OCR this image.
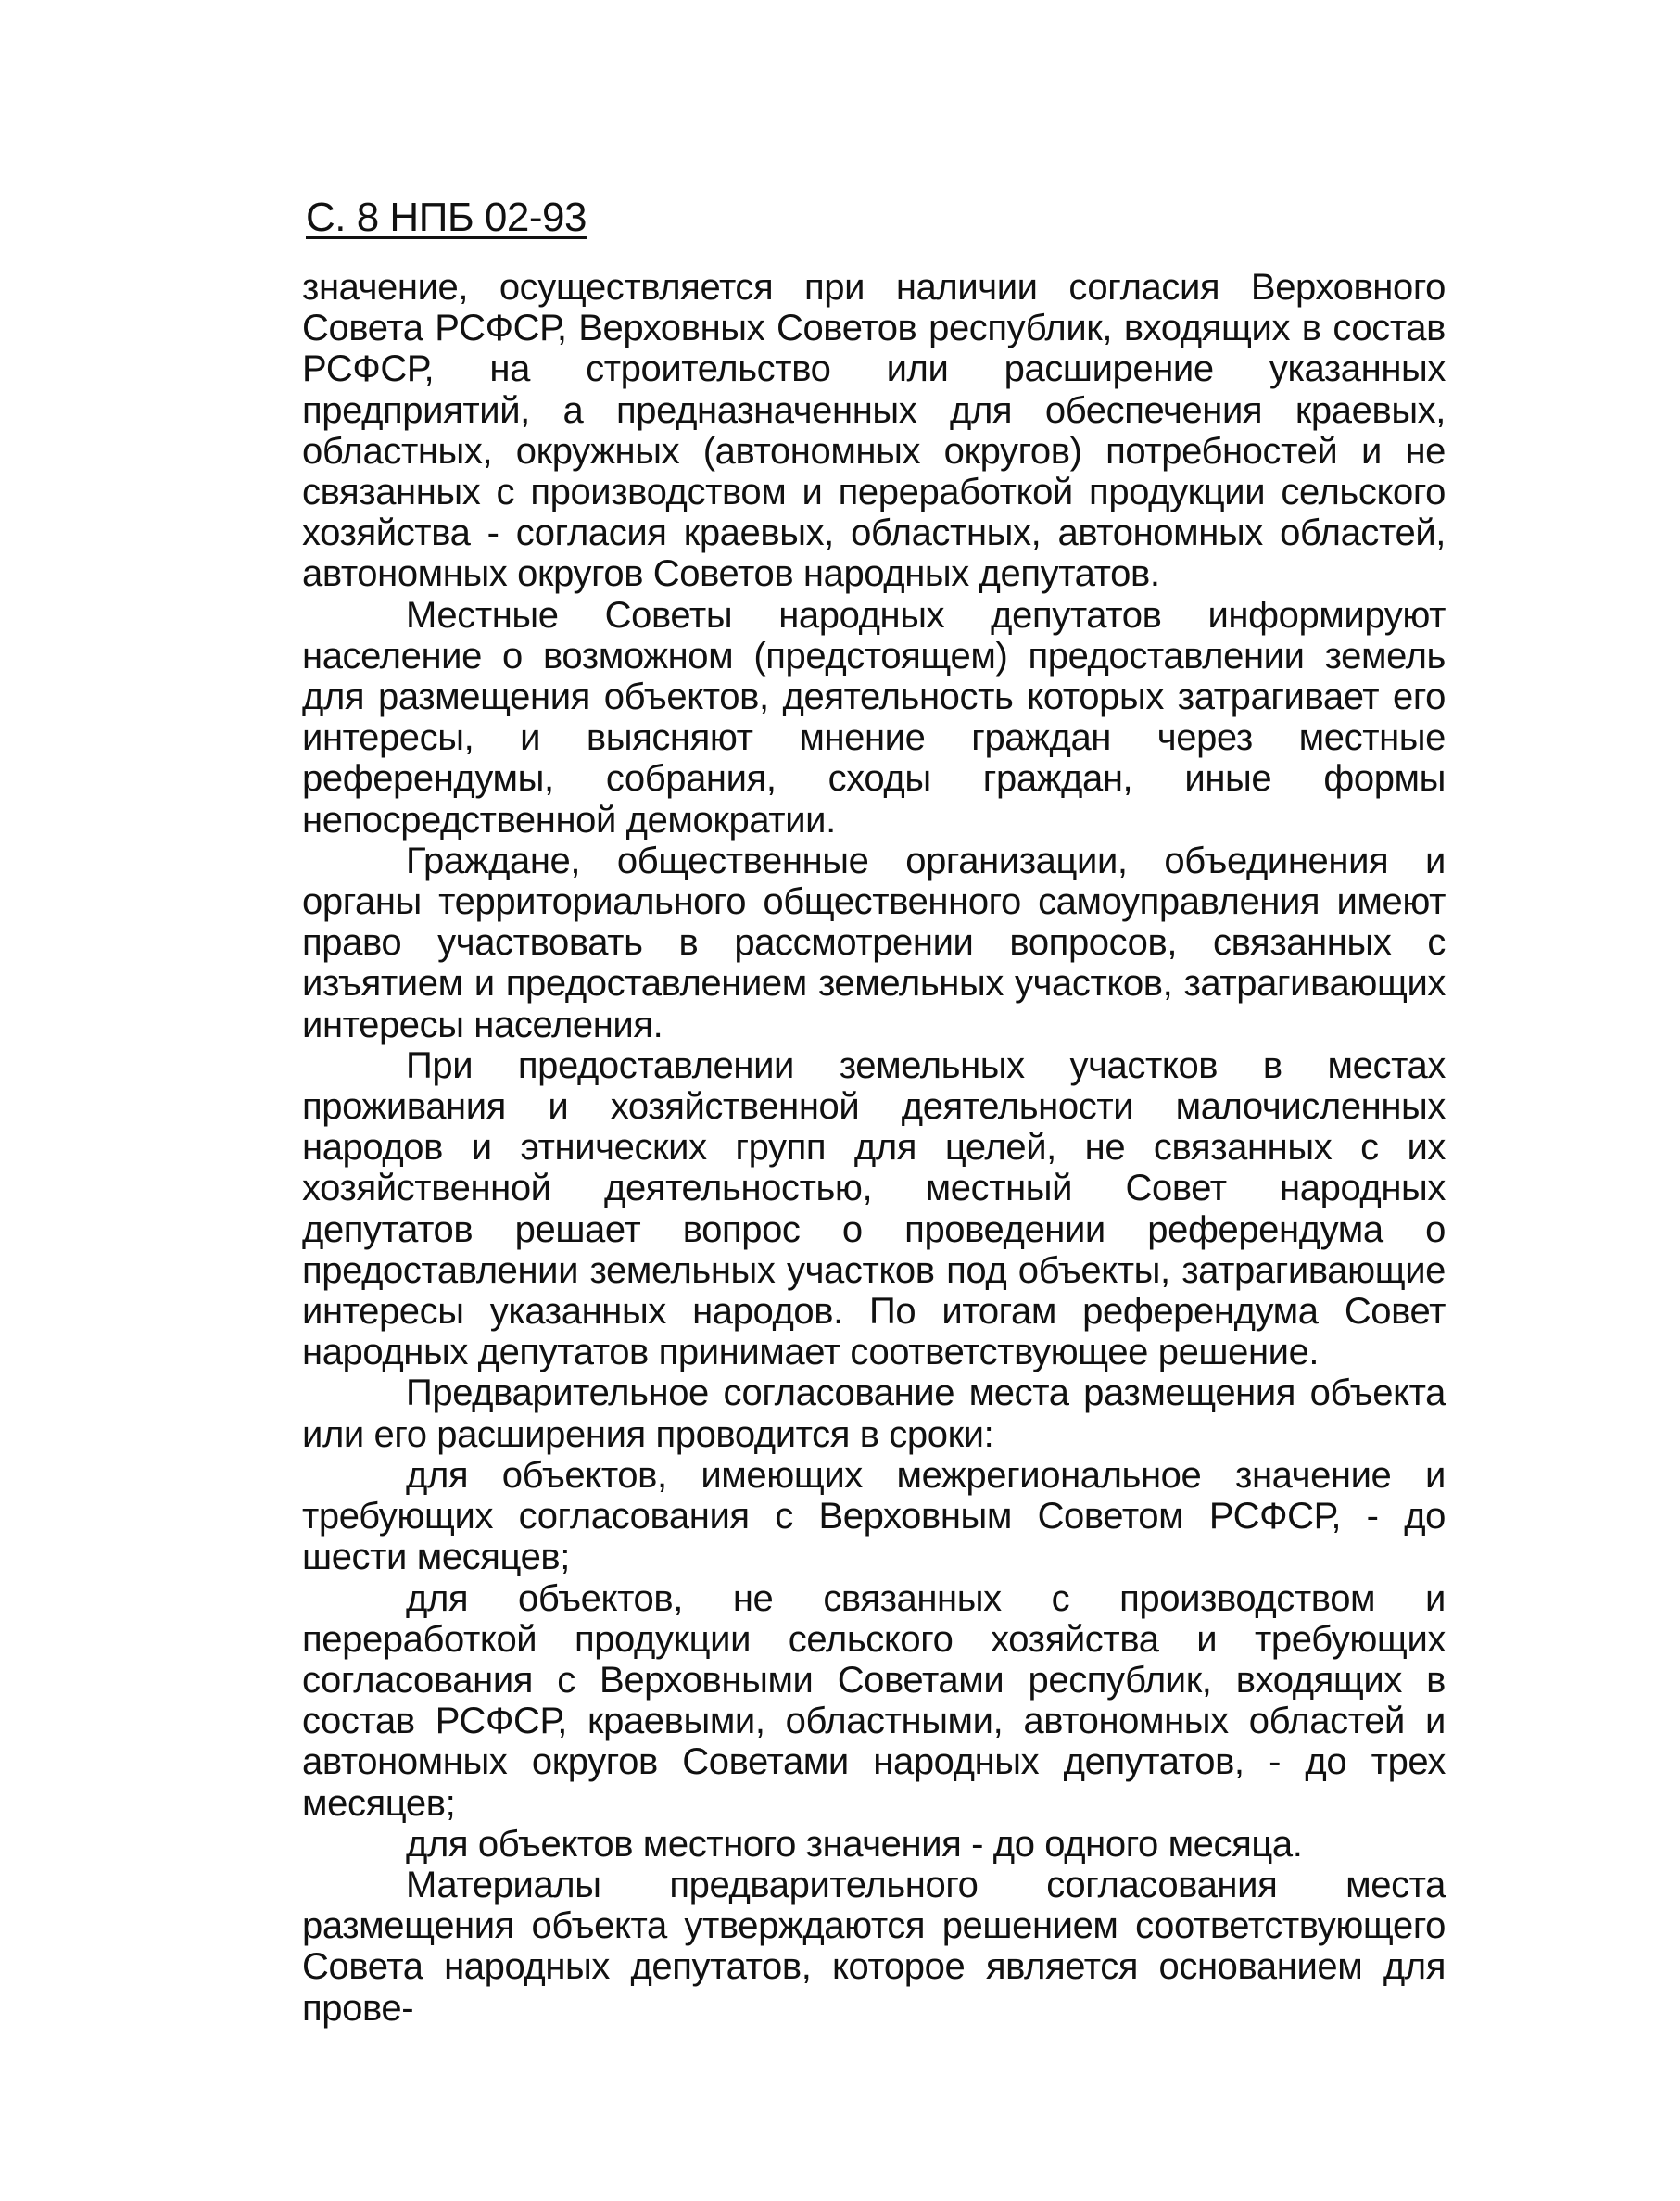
С. 8 НПБ 02-93

значение, осуществляется при наличии согласия Верховного Совета РСФСР, Верховных Советов республик, входящих в состав РСФСР, на строительство или расширение указанных предприятий, а предназначенных для обеспечения краевых, областных, окружных (автономных округов) потребностей и не связанных с производством и переработкой продукции сельского хозяйства - согласия краевых, областных, автономных областей, автономных округов Советов народных депутатов.

Местные Советы народных депутатов информируют население о возможном (предстоящем) предоставлении земель для размещения объектов, деятельность которых затрагивает его интересы, и выясняют мнение граждан через местные референдумы, собрания, сходы граждан, иные формы непосредственной демократии.

Граждане, общественные организации, объединения и органы территориального общественного самоуправления имеют право участвовать в рассмотрении вопросов, связанных с изъятием и предоставлением земельных участков, затрагивающих интересы населения.

При предоставлении земельных участков в местах проживания и хозяйственной деятельности малочисленных народов и этнических групп для целей, не связанных с их хозяйственной деятельностью, местный Совет народных депутатов решает вопрос о проведении референдума о предоставлении земельных участков под объекты, затрагивающие интересы указанных народов. По итогам референдума Совет народных депутатов принимает соответствующее решение.

Предварительное согласование места размещения объекта или его расширения проводится в сроки:

для объектов, имеющих межрегиональное значение и требующих согласования с Верховным Советом РСФСР, - до шести месяцев;

для объектов, не связанных с производством и переработкой продукции сельского хозяйства и требующих согласования с Верховными Советами республик, входящих в состав РСФСР, краевыми, областными, автономных областей и автономных округов Советами народных депутатов, - до трех месяцев;

для объектов местного значения - до одного месяца.

Материалы предварительного согласования места размещения объекта утверждаются решением соответствующего Совета народных депутатов, которое является основанием для прове-
